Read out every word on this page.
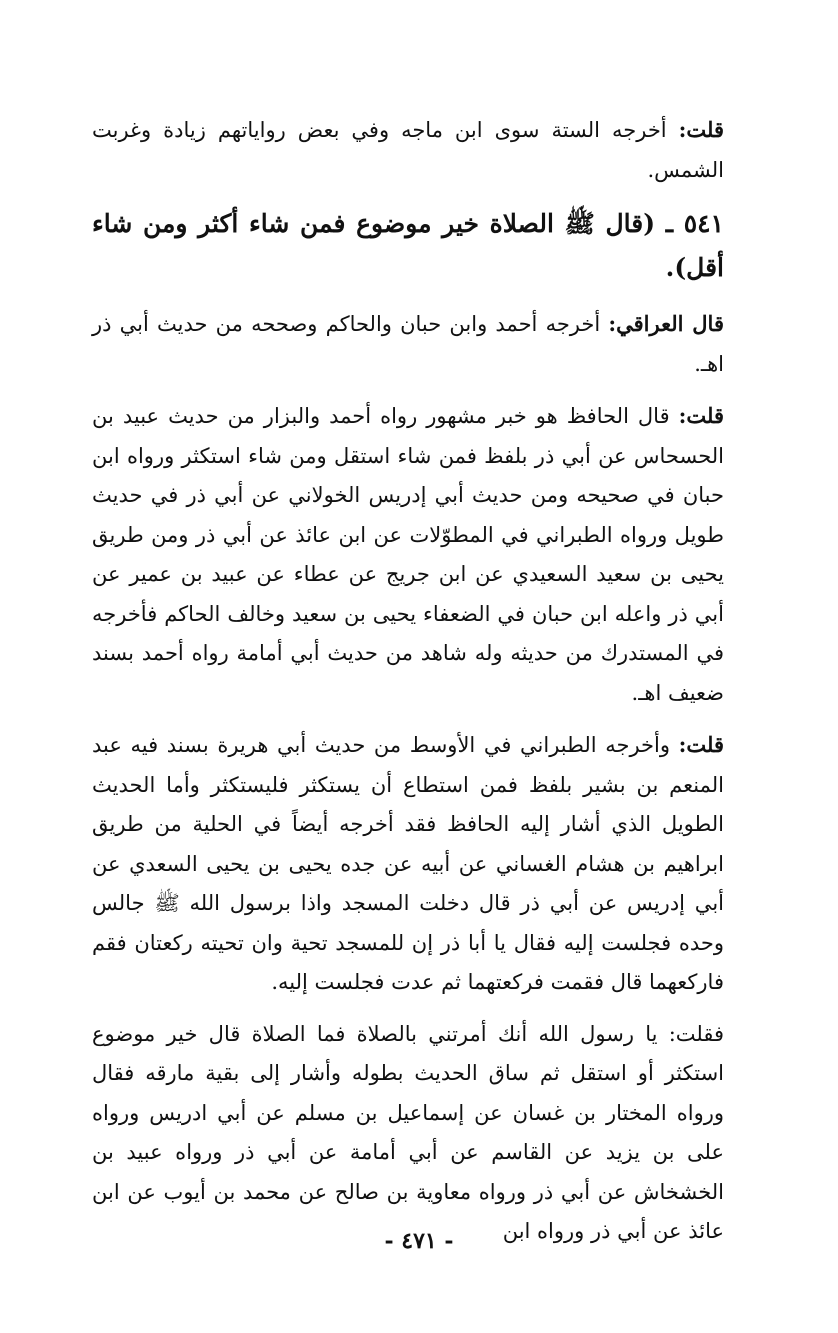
قلت: أخرجه الستة سوى ابن ماجه وفي بعض رواياتهم زيادة وغربت الشمس.

٥٤١ ـ (قال ﷺ الصلاة خير موضوع فمن شاء أكثر ومن شاء أقل).

قال العراقي: أخرجه أحمد وابن حبان والحاكم وصححه من حديث أبي ذر اهـ.

قلت: قال الحافظ هو خبر مشهور رواه أحمد والبزار من حديث عبيد بن الحسحاس عن أبي ذر بلفظ فمن شاء استقل ومن شاء استكثر ورواه ابن حبان في صحيحه ومن حديث أبي إدريس الخولاني عن أبي ذر في حديث طويل ورواه الطبراني في المطوّلات عن ابن عائذ عن أبي ذر ومن طريق يحيى بن سعيد السعيدي عن ابن جريج عن عطاء عن عبيد بن عمير عن أبي ذر واعله ابن حبان في الضعفاء يحيى بن سعيد وخالف الحاكم فأخرجه في المستدرك من حديثه وله شاهد من حديث أبي أمامة رواه أحمد بسند ضعيف اهـ.

قلت: وأخرجه الطبراني في الأوسط من حديث أبي هريرة بسند فيه عبد المنعم بن بشير بلفظ فمن استطاع أن يستكثر فليستكثر وأما الحديث الطويل الذي أشار إليه الحافظ فقد أخرجه أيضاً في الحلية من طريق ابراهيم بن هشام الغساني عن أبيه عن جده يحيى بن يحيى السعدي عن أبي إدريس عن أبي ذر قال دخلت المسجد واذا برسول الله ﷺ جالس وحده فجلست إليه فقال يا أبا ذر إن للمسجد تحية وان تحيته ركعتان فقم فاركعهما قال فقمت فركعتهما ثم عدت فجلست إليه.

فقلت: يا رسول الله أنك أمرتني بالصلاة فما الصلاة قال خير موضوع استكثر أو استقل ثم ساق الحديث بطوله وأشار إلى بقية مارقه فقال ورواه المختار بن غسان عن إسماعيل بن مسلم عن أبي ادريس ورواه على بن يزيد عن القاسم عن أبي أمامة عن أبي ذر ورواه عبيد بن الخشخاش عن أبي ذر ورواه معاوية بن صالح عن محمد بن أيوب عن ابن عائذ عن أبي ذر ورواه ابن

- ٤٧١ -
